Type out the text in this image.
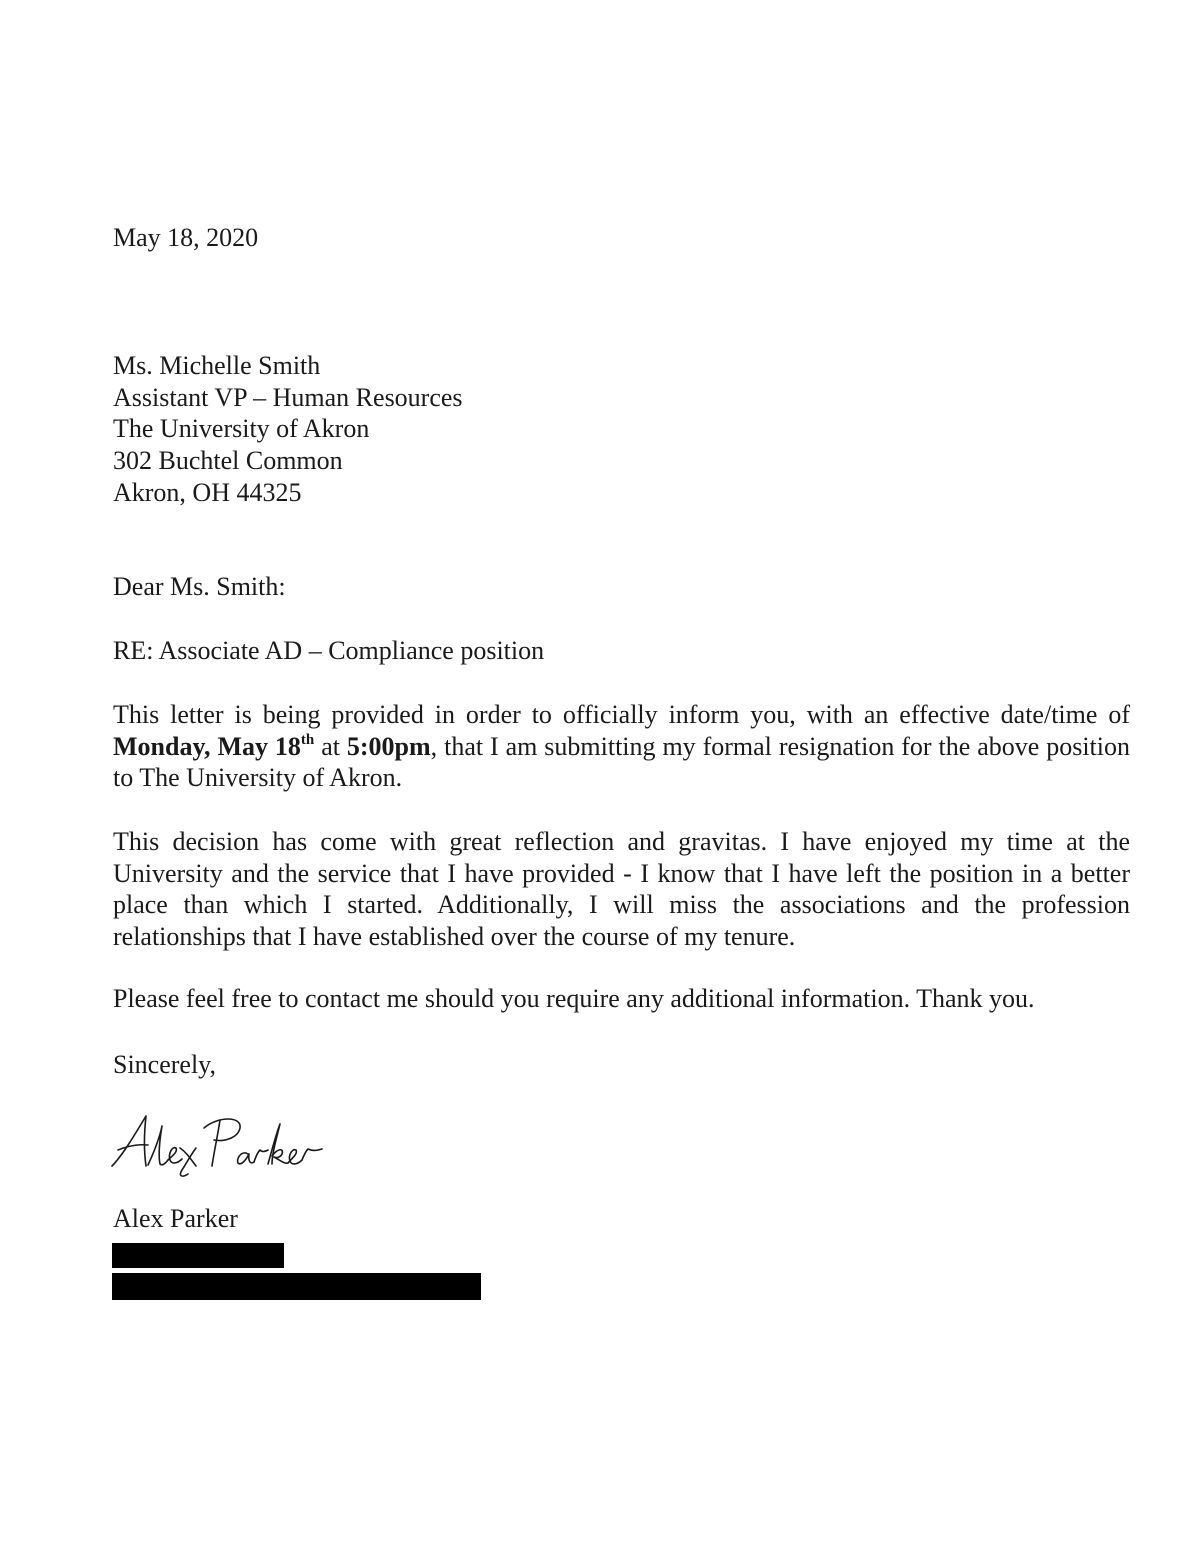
May 18, 2020
Ms. Michelle Smith
Assistant VP – Human Resources
The University of Akron
302 Buchtel Common
Akron, OH 44325
Dear Ms. Smith:
RE: Associate AD – Compliance position
This letter is being provided in order to officially inform you, with an effective date/time of Monday, May 18th at 5:00pm, that I am submitting my formal resignation for the above position to The University of Akron.
This decision has come with great reflection and gravitas. I have enjoyed my time at the University and the service that I have provided - I know that I have left the position in a better place than which I started. Additionally, I will miss the associations and the profession relationships that I have established over the course of my tenure.
Please feel free to contact me should you require any additional information. Thank you.
Sincerely,
Alex Parker
